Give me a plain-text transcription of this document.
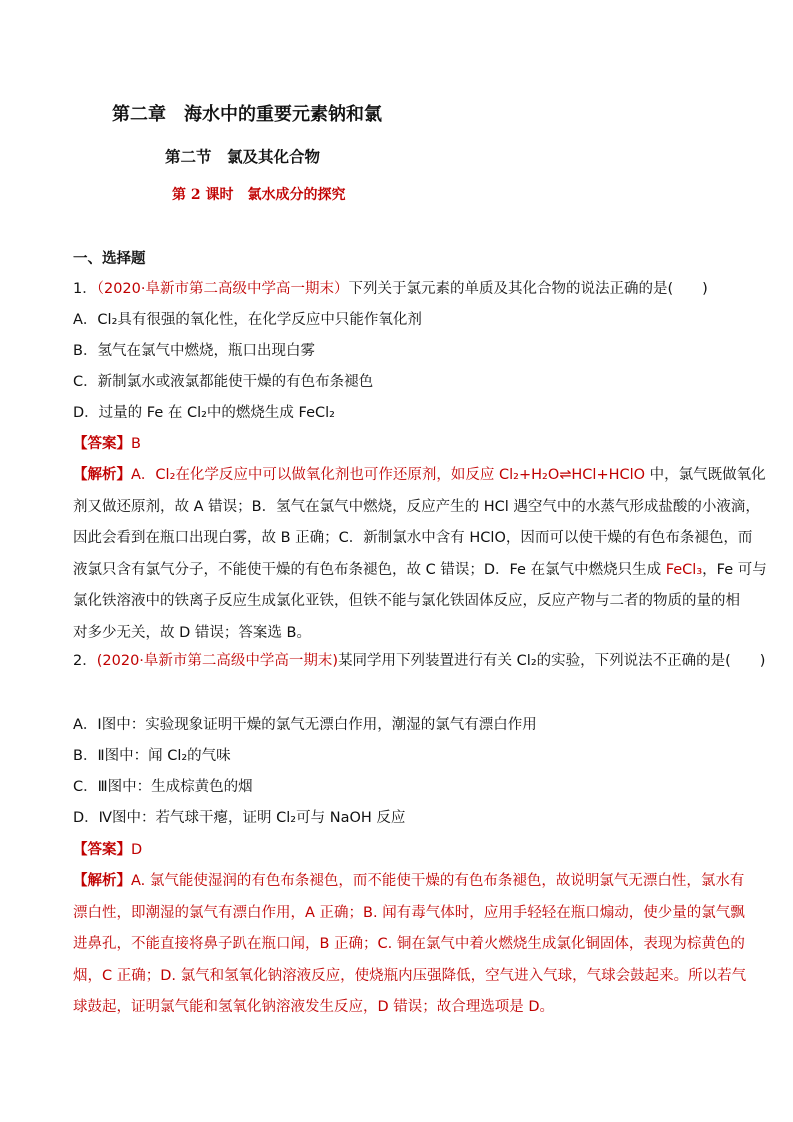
第二章　海水中的重要元素钠和氯
第二节　氯及其化合物
第 2 课时　氯水成分的探究
一、选择题
1．（2020·阜新市第二高级中学高一期末）下列关于氯元素的单质及其化合物的说法正确的是(　　)
A．Cl₂具有很强的氧化性，在化学反应中只能作氧化剂
B．氢气在氯气中燃烧，瓶口出现白雾
C．新制氯水或液氯都能使干燥的有色布条褪色
D．过量的 Fe 在 Cl₂中的燃烧生成 FeCl₂
【答案】B
【解析】A．Cl₂在化学反应中可以做氧化剂也可作还原剂，如反应 Cl₂+H₂O⇌HCl+HClO 中，氯气既做氧化
剂又做还原剂，故 A 错误；B．氢气在氯气中燃烧，反应产生的 HCl 遇空气中的水蒸气形成盐酸的小液滴，
因此会看到在瓶口出现白雾，故 B 正确；C．新制氯水中含有 HClO，因而可以使干燥的有色布条褪色，而
液氯只含有氯气分子，不能使干燥的有色布条褪色，故 C 错误；D．Fe 在氯气中燃烧只生成 FeCl₃，Fe 可与
氯化铁溶液中的铁离子反应生成氯化亚铁，但铁不能与氯化铁固体反应，反应产物与二者的物质的量的相
对多少无关，故 D 错误；答案选 B。
2．(2020·阜新市第二高级中学高一期末)某同学用下列装置进行有关 Cl₂的实验，下列说法不正确的是(　　)
A．Ⅰ图中：实验现象证明干燥的氯气无漂白作用，潮湿的氯气有漂白作用
B．Ⅱ图中：闻 Cl₂的气味
C．Ⅲ图中：生成棕黄色的烟
D．Ⅳ图中：若气球干瘪，证明 Cl₂可与 NaOH 反应
【答案】D
【解析】A. 氯气能使湿润的有色布条褪色，而不能使干燥的有色布条褪色，故说明氯气无漂白性，氯水有
漂白性，即潮湿的氯气有漂白作用，A 正确；B. 闻有毒气体时，应用手轻轻在瓶口煽动，使少量的氯气飘
进鼻孔，不能直接将鼻子趴在瓶口闻，B 正确；C. 铜在氯气中着火燃烧生成氯化铜固体，表现为棕黄色的
烟，C 正确；D. 氯气和氢氧化钠溶液反应，使烧瓶内压强降低，空气进入气球，气球会鼓起来。所以若气
球鼓起，证明氯气能和氢氧化钠溶液发生反应，D 错误；故合理选项是 D。
